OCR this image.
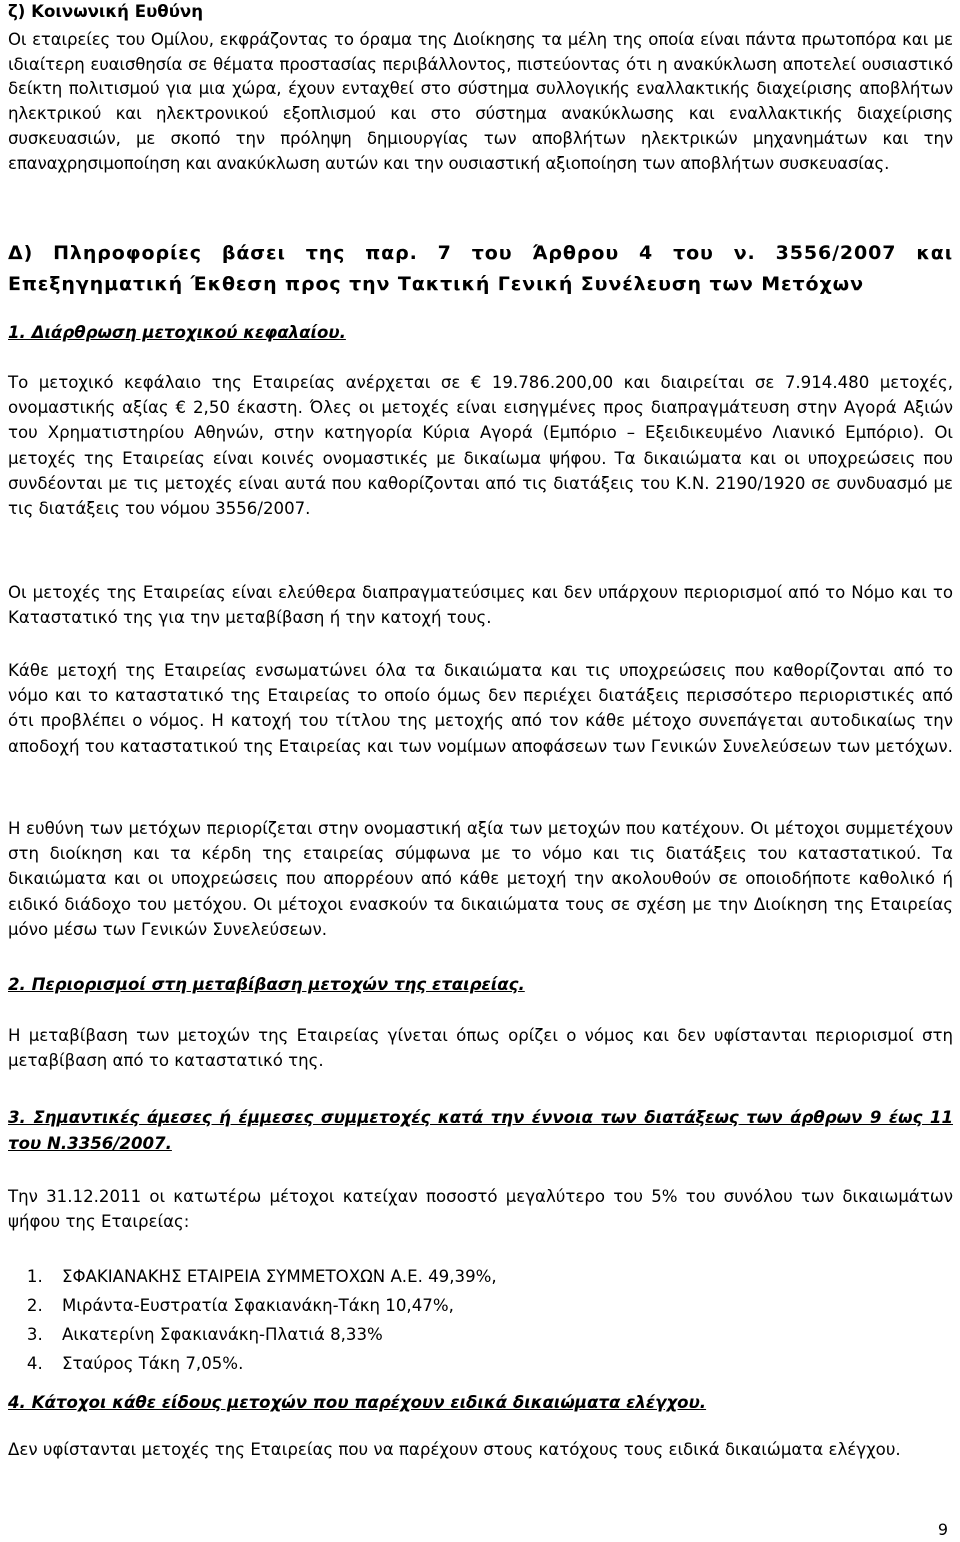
ζ) Κοινωνική Ευθύνη
Οι εταιρείες του Ομίλου, εκφράζοντας το όραμα της Διοίκησης τα μέλη της οποία είναι πάντα πρωτοπόρα και με ιδιαίτερη ευαισθησία σε θέματα προστασίας περιβάλλοντος, πιστεύοντας ότι η ανακύκλωση αποτελεί ουσιαστικό δείκτη πολιτισμού για μια χώρα, έχουν ενταχθεί στο σύστημα συλλογικής εναλλακτικής διαχείρισης αποβλήτων ηλεκτρικού και ηλεκτρονικού εξοπλισμού και στο σύστημα ανακύκλωσης και εναλλακτικής διαχείρισης συσκευασιών, με σκοπό την πρόληψη δημιουργίας των αποβλήτων ηλεκτρικών μηχανημάτων και την επαναχρησιμοποίηση και ανακύκλωση αυτών και την ουσιαστική αξιοποίηση των αποβλήτων συσκευασίας.
Δ) Πληροφορίες βάσει της παρ. 7 του Άρθρου 4 του ν. 3556/2007 και Επεξηγηματική Έκθεση προς την Τακτική Γενική Συνέλευση των Μετόχων
1. Διάρθρωση μετοχικού κεφαλαίου.
Το μετοχικό κεφάλαιο της Εταιρείας ανέρχεται σε € 19.786.200,00 και διαιρείται σε 7.914.480 μετοχές, ονομαστικής αξίας € 2,50 έκαστη. Όλες οι μετοχές είναι εισηγμένες προς διαπραγμάτευση στην Αγορά Αξιών του Χρηματιστηρίου Αθηνών, στην κατηγορία Κύρια Αγορά (Εμπόριο – Εξειδικευμένο Λιανικό Εμπόριο). Οι μετοχές της Εταιρείας είναι κοινές ονομαστικές με δικαίωμα ψήφου. Τα δικαιώματα και οι υποχρεώσεις που συνδέονται με τις μετοχές είναι αυτά που καθορίζονται από τις διατάξεις του Κ.Ν. 2190/1920 σε συνδυασμό με τις διατάξεις του νόμου 3556/2007.
Οι μετοχές της Εταιρείας είναι ελεύθερα διαπραγματεύσιμες και δεν υπάρχουν περιορισμοί από το Νόμο και το Καταστατικό της για την μεταβίβαση ή την κατοχή τους.
Κάθε μετοχή της Εταιρείας ενσωματώνει όλα τα δικαιώματα και τις υποχρεώσεις που καθορίζονται από το νόμο και το καταστατικό της Εταιρείας το οποίο όμως δεν περιέχει διατάξεις περισσότερο περιοριστικές από ότι προβλέπει ο νόμος. Η κατοχή του τίτλου της μετοχής από τον κάθε μέτοχο συνεπάγεται αυτοδικαίως την αποδοχή του καταστατικού της Εταιρείας και των νομίμων αποφάσεων των Γενικών Συνελεύσεων των μετόχων.
Η ευθύνη των μετόχων περιορίζεται στην ονομαστική αξία των μετοχών που κατέχουν. Οι μέτοχοι συμμετέχουν στη διοίκηση και τα κέρδη της εταιρείας σύμφωνα με το νόμο και τις διατάξεις του καταστατικού. Τα δικαιώματα και οι υποχρεώσεις που απορρέουν από κάθε μετοχή την ακολουθούν σε οποιοδήποτε καθολικό ή ειδικό διάδοχο του μετόχου. Οι μέτοχοι ενασκούν τα δικαιώματα τους σε σχέση με την Διοίκηση της Εταιρείας μόνο μέσω των Γενικών Συνελεύσεων.
2. Περιορισμοί στη μεταβίβαση μετοχών της εταιρείας.
Η μεταβίβαση των μετοχών της Εταιρείας γίνεται όπως ορίζει ο νόμος και δεν υφίστανται περιορισμοί στη μεταβίβαση από το καταστατικό της.
3. Σημαντικές άμεσες ή έμμεσες συμμετοχές κατά την έννοια των διατάξεως των άρθρων 9 έως 11 του Ν.3356/2007.
Την 31.12.2011 οι κατωτέρω μέτοχοι κατείχαν ποσοστό μεγαλύτερο του 5% του συνόλου των δικαιωμάτων ψήφου της Εταιρείας:
1. ΣΦΑΚΙΑΝΑΚΗΣ ΕΤΑΙΡΕΙΑ ΣΥΜΜΕΤΟΧΩΝ Α.Ε. 49,39%,
2. Μιράντα-Ευστρατία Σφακιανάκη-Τάκη 10,47%,
3. Αικατερίνη Σφακιανάκη-Πλατιά 8,33%
4. Σταύρος Τάκη 7,05%.
4. Κάτοχοι κάθε είδους μετοχών που παρέχουν ειδικά δικαιώματα ελέγχου.
Δεν υφίστανται μετοχές της Εταιρείας που να παρέχουν στους κατόχους τους ειδικά δικαιώματα ελέγχου.
9
